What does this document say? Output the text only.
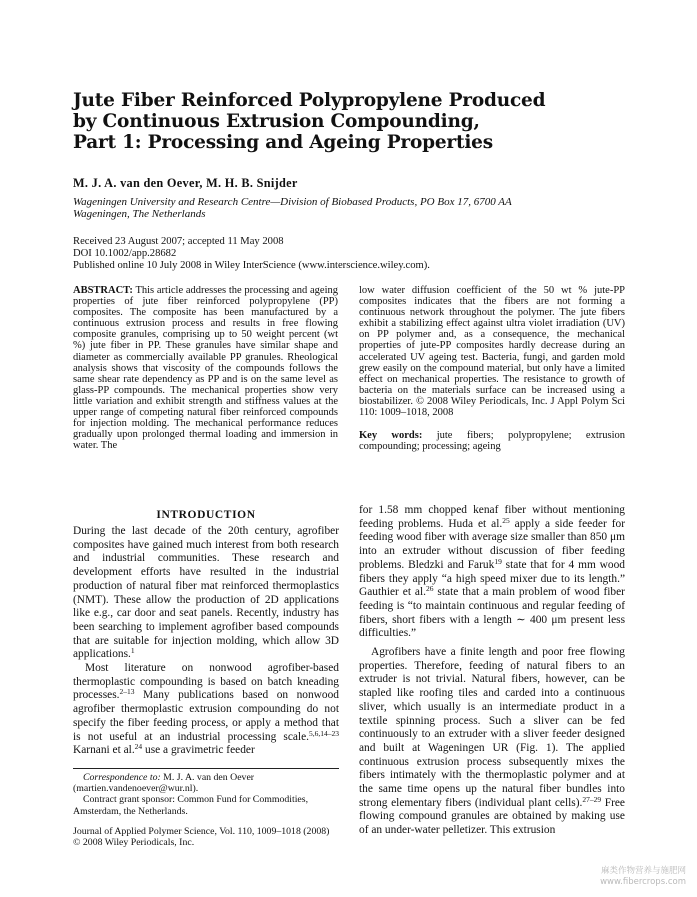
Jute Fiber Reinforced Polypropylene Produced
by Continuous Extrusion Compounding,
Part 1: Processing and Ageing Properties
M. J. A. van den Oever, M. H. B. Snijder
Wageningen University and Research Centre—Division of Biobased Products, PO Box 17, 6700 AA Wageningen, The Netherlands
Received 23 August 2007; accepted 11 May 2008
DOI 10.1002/app.28682
Published online 10 July 2008 in Wiley InterScience (www.interscience.wiley.com).
ABSTRACT: This article addresses the processing and ageing properties of jute fiber reinforced polypropylene (PP) composites. The composite has been manufactured by a continuous extrusion process and results in free flowing composite granules, comprising up to 50 weight percent (wt %) jute fiber in PP. These granules have similar shape and diameter as commercially available PP granules. Rheological analysis shows that viscosity of the compounds follows the same shear rate dependency as PP and is on the same level as glass-PP compounds. The mechanical properties show very little variation and exhibit strength and stiffness values at the upper range of competing natural fiber reinforced compounds for injection molding. The mechanical performance reduces gradually upon prolonged thermal loading and immersion in water. The
low water diffusion coefficient of the 50 wt % jute-PP composites indicates that the fibers are not forming a continuous network throughout the polymer. The jute fibers exhibit a stabilizing effect against ultra violet irradiation (UV) on PP polymer and, as a consequence, the mechanical properties of jute-PP composites hardly decrease during an accelerated UV ageing test. Bacteria, fungi, and garden mold grew easily on the compound material, but only have a limited effect on mechanical properties. The resistance to growth of bacteria on the materials surface can be increased using a biostabilizer. © 2008 Wiley Periodicals, Inc. J Appl Polym Sci 110: 1009–1018, 2008
Key words: jute fibers; polypropylene; extrusion compounding; processing; ageing
INTRODUCTION

During the last decade of the 20th century, agrofiber composites have gained much interest from both research and industrial communities. These research and development efforts have resulted in the industrial production of natural fiber mat reinforced thermoplastics (NMT). These allow the production of 2D applications like e.g., car door and seat panels. Recently, industry has been searching to implement agrofiber based compounds that are suitable for injection molding, which allow 3D applications.$^1$

Most literature on nonwood agrofiber-based thermoplastic compounding is based on batch kneading processes.$^{2-13}$ Many publications based on nonwood agrofiber thermoplastic extrusion compounding do not specify the fiber feeding process, or apply a method that is not useful at an industrial processing scale.$^{5,6,14-23}$ Karnani et al.$^{24}$ use a gravimetric feeder

for 1.58 mm chopped kenaf fiber without mentioning feeding problems. Huda et al.$^{25}$ apply a side feeder for feeding wood fiber with average size smaller than 850 μm into an extruder without discussion of fiber feeding problems. Bledzki and Faruk$^{19}$ state that for 4 mm wood fibers they apply “a high speed mixer due to its length.” Gauthier et al.$^{26}$ state that a main problem of wood fiber feeding is “to maintain continuous and regular feeding of fibers, short fibers with a length ∼ 400 μm present less difficulties.”

Agrofibers have a finite length and poor free flowing properties. Therefore, feeding of natural fibers to an extruder is not trivial. Natural fibers, however, can be stapled like roofing tiles and carded into a continuous sliver, which usually is an intermediate product in a textile spinning process. Such a sliver can be fed continuously to an extruder with a sliver feeder designed and built at Wageningen UR (Fig. 1). The applied continuous extrusion process subsequently mixes the fibers intimately with the thermoplastic polymer and at the same time opens up the natural fiber bundles into strong elementary fibers (individual plant cells).$^{27-29}$ Free flowing compound granules are obtained by making use of an under-water pelletizer. This extrusion

Correspondence to: M. J. A. van den Oever (martien.vandenoever@wur.nl).

Contract grant sponsor: Common Fund for Commodities, Amsterdam, the Netherlands.

Journal of Applied Polymer Science, Vol. 110, 1009–1018 (2008)
© 2008 Wiley Periodicals, Inc.
麻类作物营养与施肥网
www.fibercrops.com
